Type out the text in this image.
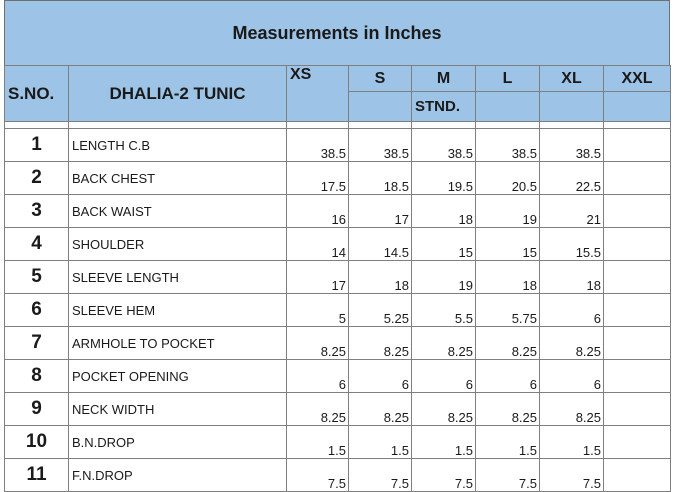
Measurements in Inches
S.NO.	DHALIA-2 TUNIC	XS	S	M	L	XL	XXL
				STND.			

1	LENGTH C.B	38.5	38.5	38.5	38.5	38.5	
2	BACK CHEST	17.5	18.5	19.5	20.5	22.5	
3	BACK WAIST	16	17	18	19	21	
4	SHOULDER	14	14.5	15	15	15.5	
5	SLEEVE LENGTH	17	18	19	18	18	
6	SLEEVE HEM	5	5.25	5.5	5.75	6	
7	ARMHOLE TO POCKET	8.25	8.25	8.25	8.25	8.25	
8	POCKET OPENING	6	6	6	6	6	
9	NECK WIDTH	8.25	8.25	8.25	8.25	8.25	
10	B.N.DROP	1.5	1.5	1.5	1.5	1.5	
11	F.N.DROP	7.5	7.5	7.5	7.5	7.5	
